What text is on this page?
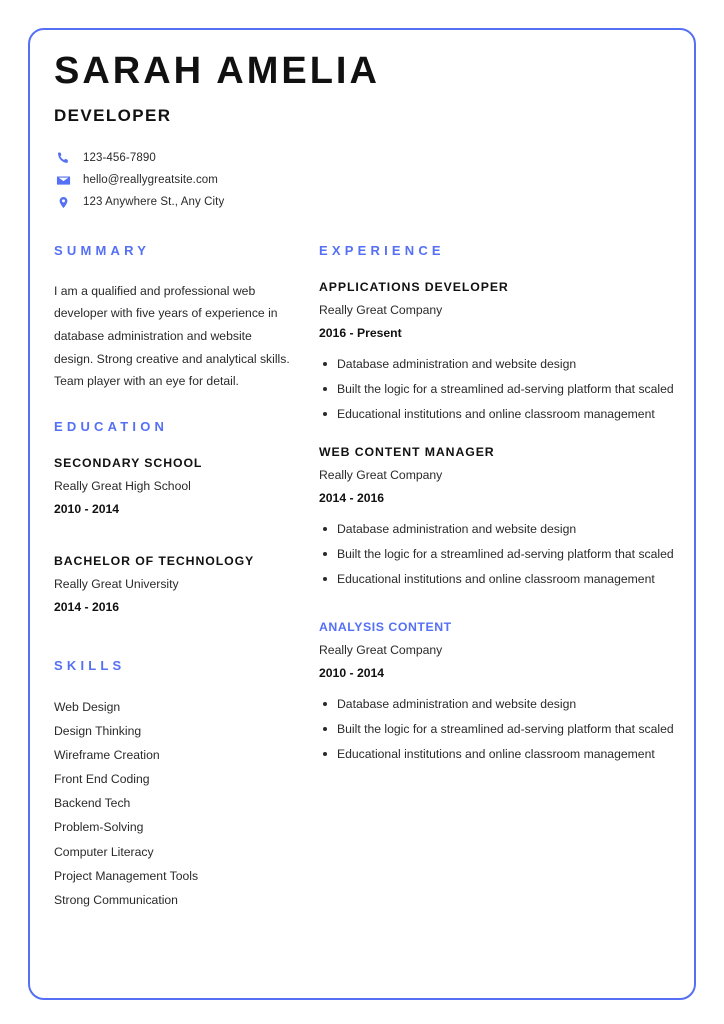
SARAH AMELIA
DEVELOPER
123-456-7890
hello@reallygreatsite.com
123 Anywhere St., Any City
SUMMARY

I am a qualified and professional web developer with five years of experience in database administration and website design. Strong creative and analytical skills. Team player with an eye for detail.

EDUCATION
SECONDARY SCHOOL
Really Great High School
2010 - 2014
BACHELOR OF TECHNOLOGY
Really Great University
2014 - 2016
SKILLS
Web Design
Design Thinking
Wireframe Creation
Front End Coding
Backend Tech
Problem-Solving
Computer Literacy
Project Management Tools
Strong Communication
EXPERIENCE
APPLICATIONS DEVELOPER
Really Great Company
2016 - Present
Database administration and website design
Built the logic for a streamlined ad-serving platform that scaled
Educational institutions and online classroom management
WEB CONTENT MANAGER
Really Great Company
2014 - 2016
Database administration and website design
Built the logic for a streamlined ad-serving platform that scaled
Educational institutions and online classroom management
ANALYSIS CONTENT
Really Great Company
2010 - 2014
Database administration and website design
Built the logic for a streamlined ad-serving platform that scaled
Educational institutions and online classroom management
